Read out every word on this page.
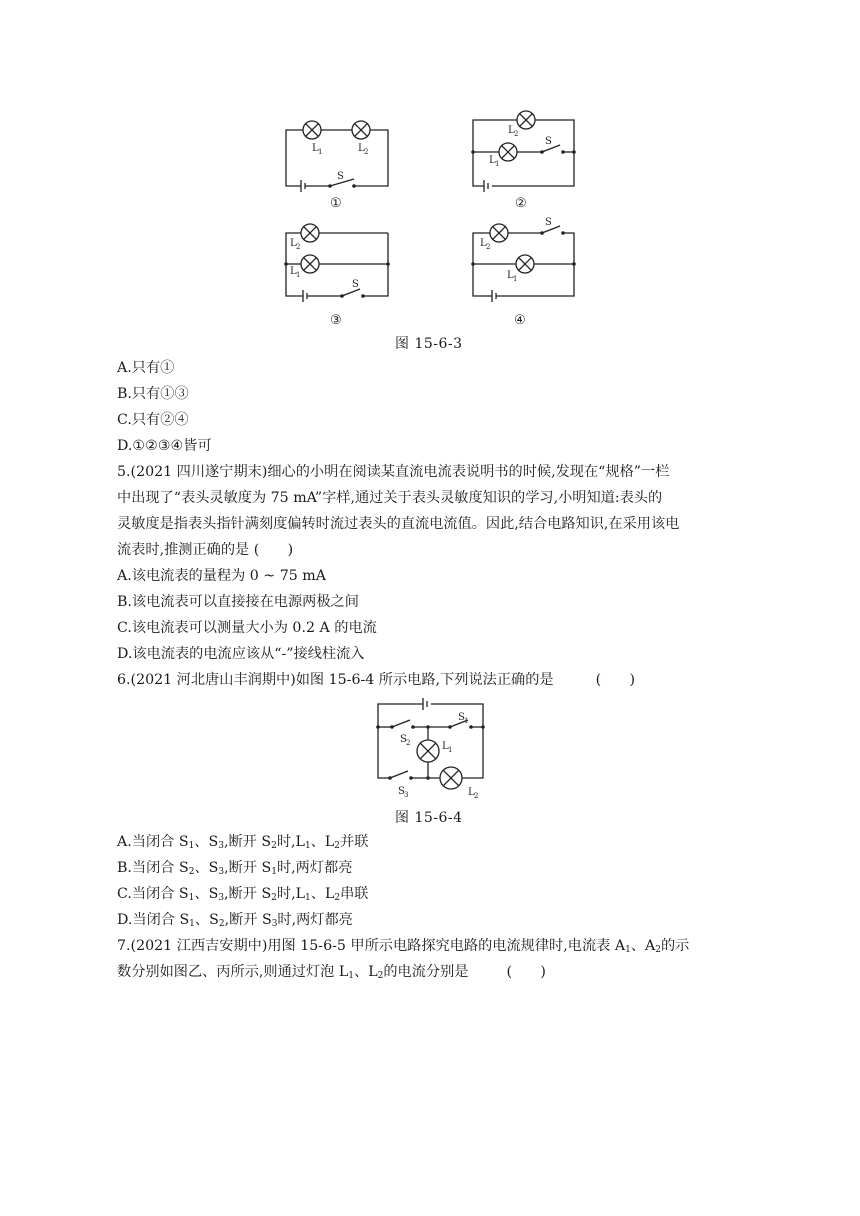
L 1	L 2
S
①
L 2
L 1
S
②
L 2
L 1
S
③
L 2
L 1
S
④
图 15-6-3
A.只有①
B.只有①③
C.只有②④
D.①②③④皆可
5.(2021 四川遂宁期末)细心的小明在阅读某直流电流表说明书的时候,发现在“规格”一栏
中出现了“表头灵敏度为 75 mA”字样,通过关于表头灵敏度知识的学习,小明知道:表头的
灵敏度是指表头指针满刻度偏转时流过表头的直流电流值。因此,结合电路知识,在采用该电
流表时,推测正确的是 (　　)
A.该电流表的量程为 0 ~ 75 mA
B.该电流表可以直接接在电源两极之间
C.该电流表可以测量大小为 0.2 A 的电流
D.该电流表的电流应该从“-”接线柱流入
6.(2021 河北唐山丰润期中)如图 15-6-4 所示电路,下列说法正确的是	(　　)
S 2
S 1
L 1
S 3	L 2
图 15-6-4
A.当闭合 $S_1$、$S_3$,断开 $S_2$时$,L_1$、$L_2$并联
B.当闭合 $S_2$、$S_3$,断开 $S_1$时,两灯都亮
C.当闭合 $S_1$、$S_3$,断开 $S_2$时$,L_1$、$L_2$串联
D.当闭合 $S_1$、$S_2$,断开 $S_3$时,两灯都亮
7.(2021 江西吉安期中)用图 15-6-5 甲所示电路探究电路的电流规律时,电流表 $A_1$、$A_2$的示
数分别如图乙、丙所示,则通过灯泡 $L_1$、$L_2$的电流分别是	(　　)
